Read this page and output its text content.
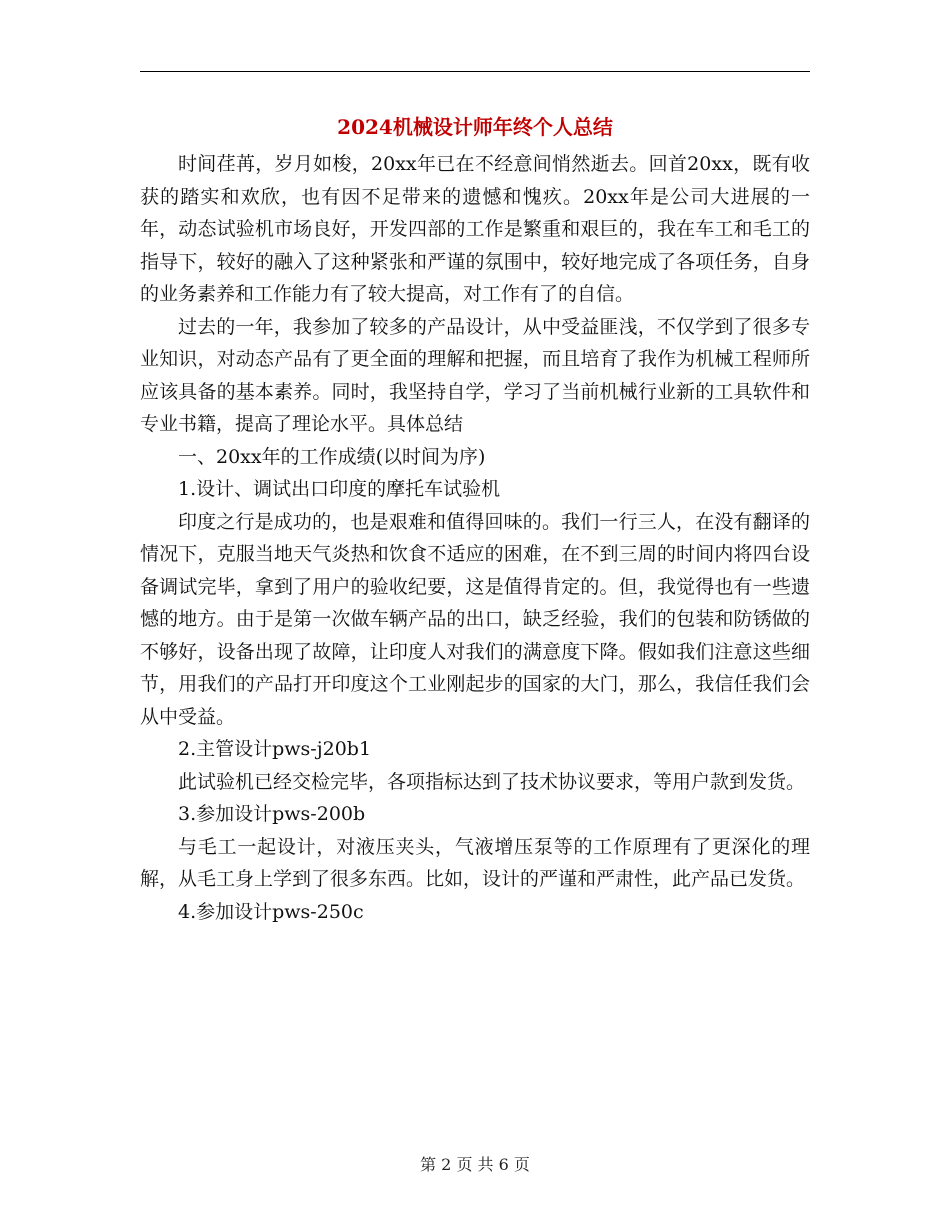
2024机械设计师年终个人总结

时间荏苒，岁月如梭，20xx年已在不经意间悄然逝去。回首20xx，既有收获的踏实和欢欣，也有因不足带来的遗憾和愧疚。20xx年是公司大进展的一年，动态试验机市场良好，开发四部的工作是繁重和艰巨的，我在车工和毛工的指导下，较好的融入了这种紧张和严谨的氛围中，较好地完成了各项任务，自身的业务素养和工作能力有了较大提高，对工作有了的自信。

过去的一年，我参加了较多的产品设计，从中受益匪浅，不仅学到了很多专业知识，对动态产品有了更全面的理解和把握，而且培育了我作为机械工程师所应该具备的基本素养。同时，我坚持自学，学习了当前机械行业新的工具软件和专业书籍，提高了理论水平。具体总结

一、20xx年的工作成绩(以时间为序)

1.设计、调试出口印度的摩托车试验机

印度之行是成功的，也是艰难和值得回味的。我们一行三人，在没有翻译的情况下，克服当地天气炎热和饮食不适应的困难，在不到三周的时间内将四台设备调试完毕，拿到了用户的验收纪要，这是值得肯定的。但，我觉得也有一些遗憾的地方。由于是第一次做车辆产品的出口，缺乏经验，我们的包装和防锈做的不够好，设备出现了故障，让印度人对我们的满意度下降。假如我们注意这些细节，用我们的产品打开印度这个工业刚起步的国家的大门，那么，我信任我们会从中受益。

2.主管设计pws-j20b1

此试验机已经交检完毕，各项指标达到了技术协议要求，等用户款到发货。

3.参加设计pws-200b

与毛工一起设计，对液压夹头，气液增压泵等的工作原理有了更深化的理解，从毛工身上学到了很多东西。比如，设计的严谨和严肃性，此产品已发货。

4.参加设计pws-250c

第 2 页 共 6 页
